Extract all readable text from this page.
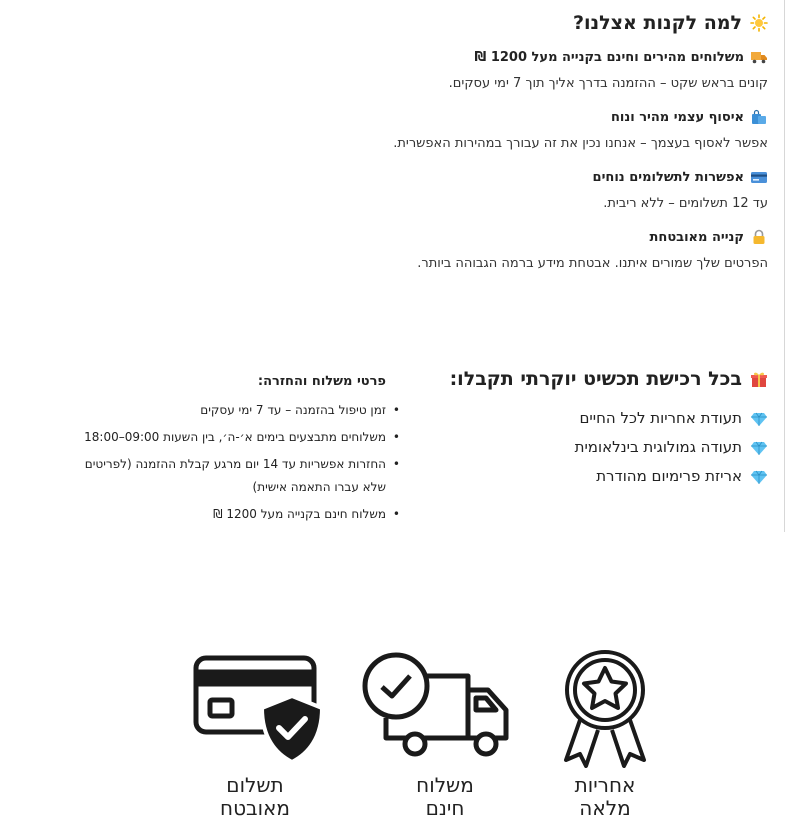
למה לקנות אצלנו?

משלוחים מהירים וחינם בקנייה מעל 1200 ₪

קונים בראש שקט – ההזמנה בדרך אליך תוך 7 ימי עסקים.

איסוף עצמי מהיר ונוח

אפשר לאסוף בעצמך – אנחנו נכין את זה עבורך במהירות האפשרית.

אפשרות לתשלומים נוחים

עד 12 תשלומים – ללא ריבית.

קנייה מאובטחת

הפרטים שלך שמורים איתנו. אבטחת מידע ברמה הגבוהה ביותר.

בכל רכישת תכשיט יוקרתי תקבלו:
תעודת אחריות לכל החיים
תעודה גמולוגית בינלאומית
אריזת פרימיום מהודרת

פרטי משלוח והחזרה:

• זמן טיפול בהזמנה – עד 7 ימי עסקים
• משלוחים מתבצעים בימים א׳-ה׳, בין השעות 09:00–18:00
• החזרות אפשריות עד 14 יום מרגע קבלת ההזמנה (לפריטים שלא עברו התאמה אישית)
• משלוח חינם בקנייה מעל 1200 ₪
אחריות
מלאה
משלוח
חינם
תשלום
מאובטח
